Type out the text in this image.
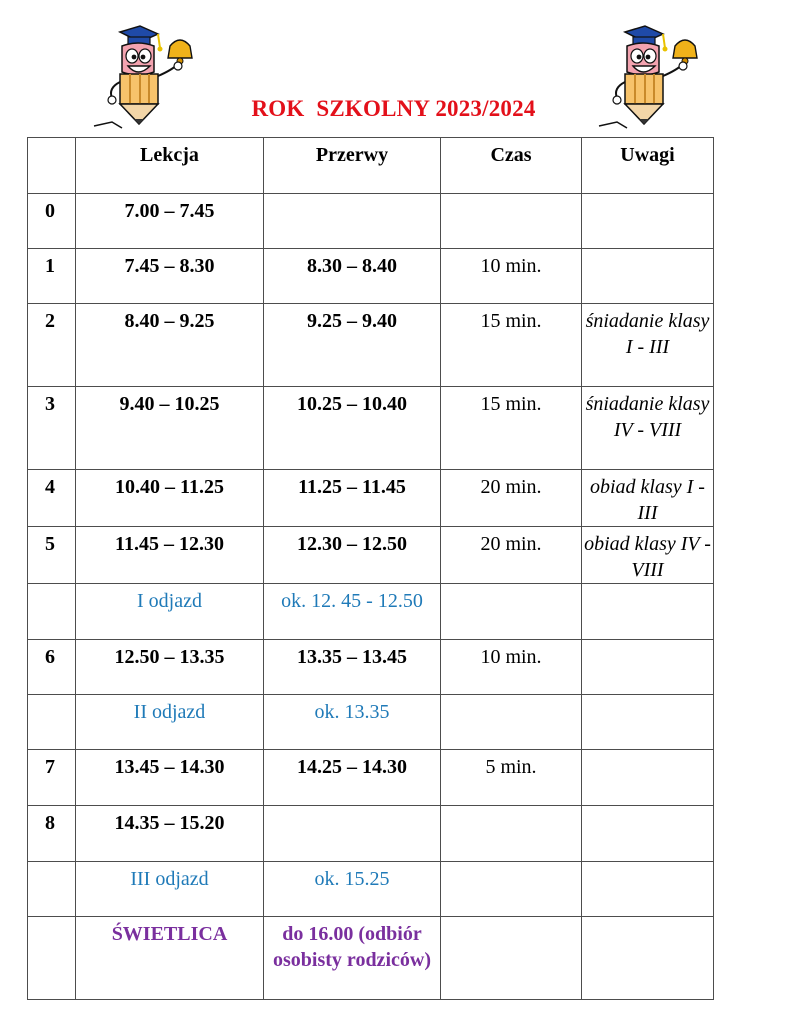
ROK  SZKOLNY 2023/2024
	Lekcja	Przerwy	Czas	Uwagi
0	7.00 – 7.45			
1	7.45 – 8.30	8.30 – 8.40	10 min.	
2	8.40 – 9.25	9.25 – 9.40	15 min.	śniadanie klasy I - III
3	9.40 – 10.25	10.25 – 10.40	15 min.	śniadanie klasy IV - VIII
4	10.40 – 11.25	11.25 – 11.45	20 min.	obiad klasy I - III
5	11.45 – 12.30	12.30 – 12.50	20 min.	obiad klasy IV - VIII
	I odjazd	ok. 12. 45 - 12.50		
6	12.50 – 13.35	13.35 – 13.45	10 min.	
	II odjazd	ok. 13.35		
7	13.45 – 14.30	14.25 – 14.30	5 min.	
8	14.35 – 15.20			
	III odjazd	ok. 15.25		
	ŚWIETLICA	do 16.00 (odbiór osobisty rodziców)		
